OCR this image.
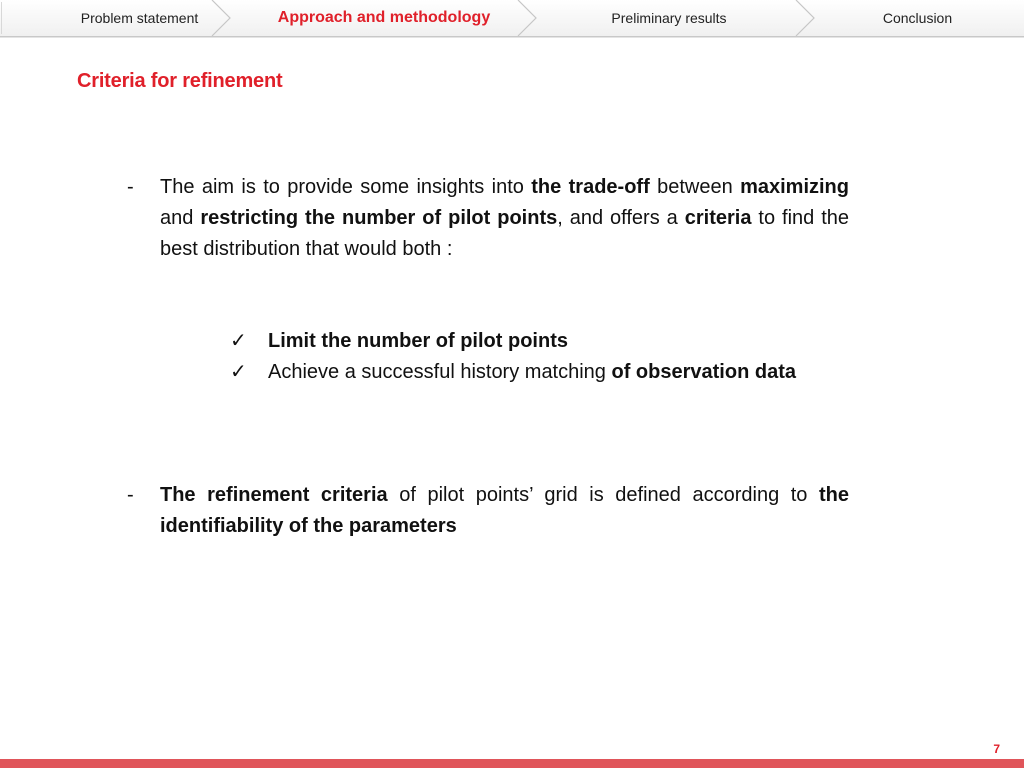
Problem statement	Approach and methodology	Preliminary results	Conclusion
Criteria for refinement
- The aim is to provide some insights into the trade-off between maximizing and restricting the number of pilot points, and offers a criteria to find the best distribution that would both :
✓ Limit the number of pilot points
✓ Achieve a successful history matching of observation data
- The refinement criteria of pilot points’ grid is defined according to the identifiability of the parameters
7
